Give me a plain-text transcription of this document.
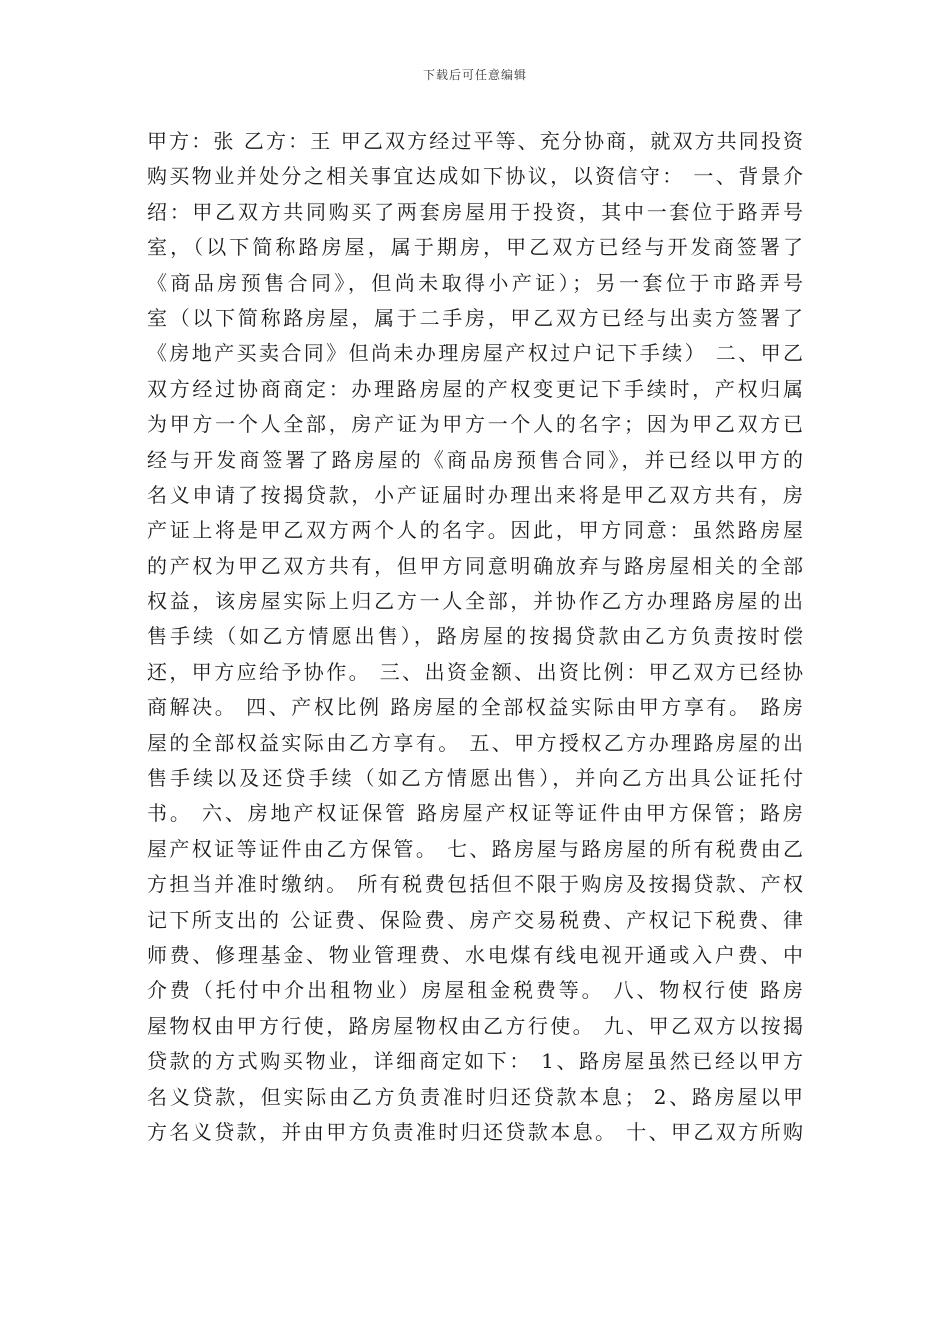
下载后可任意编辑
甲方：张 乙方：王 甲乙双方经过平等、充分协商，就双方共同投资
购买物业并处分之相关事宜达成如下协议，以资信守： 一、背景介
绍：甲乙双方共同购买了两套房屋用于投资，其中一套位于路弄号
室，（以下简称路房屋，属于期房，甲乙双方已经与开发商签署了
《商品房预售合同》，但尚未取得小产证）；另一套位于市路弄号
室（以下简称路房屋，属于二手房，甲乙双方已经与出卖方签署了
《房地产买卖合同》但尚未办理房屋产权过户记下手续） 二、甲乙
双方经过协商商定：办理路房屋的产权变更记下手续时，产权归属
为甲方一个人全部，房产证为甲方一个人的名字；因为甲乙双方已
经与开发商签署了路房屋的《商品房预售合同》，并已经以甲方的
名义申请了按揭贷款，小产证届时办理出来将是甲乙双方共有，房
产证上将是甲乙双方两个人的名字。因此，甲方同意：虽然路房屋
的产权为甲乙双方共有，但甲方同意明确放弃与路房屋相关的全部
权益，该房屋实际上归乙方一人全部，并协作乙方办理路房屋的出
售手续（如乙方情愿出售），路房屋的按揭贷款由乙方负责按时偿
还，甲方应给予协作。 三、出资金额、出资比例：甲乙双方已经协
商解决。 四、产权比例 路房屋的全部权益实际由甲方享有。 路房
屋的全部权益实际由乙方享有。 五、甲方授权乙方办理路房屋的出
售手续以及还贷手续（如乙方情愿出售），并向乙方出具公证托付
书。 六、房地产权证保管 路房屋产权证等证件由甲方保管；路房
屋产权证等证件由乙方保管。 七、路房屋与路房屋的所有税费由乙
方担当并准时缴纳。 所有税费包括但不限于购房及按揭贷款、产权
记下所支出的 公证费、保险费、房产交易税费、产权记下税费、律
师费、修理基金、物业管理费、水电煤有线电视开通或入户费、中
介费（托付中介出租物业）房屋租金税费等。 八、物权行使 路房
屋物权由甲方行使，路房屋物权由乙方行使。 九、甲乙双方以按揭
贷款的方式购买物业，详细商定如下： 1、路房屋虽然已经以甲方
名义贷款，但实际由乙方负责准时归还贷款本息； 2、路房屋以甲
方名义贷款，并由甲方负责准时归还贷款本息。 十、甲乙双方所购
